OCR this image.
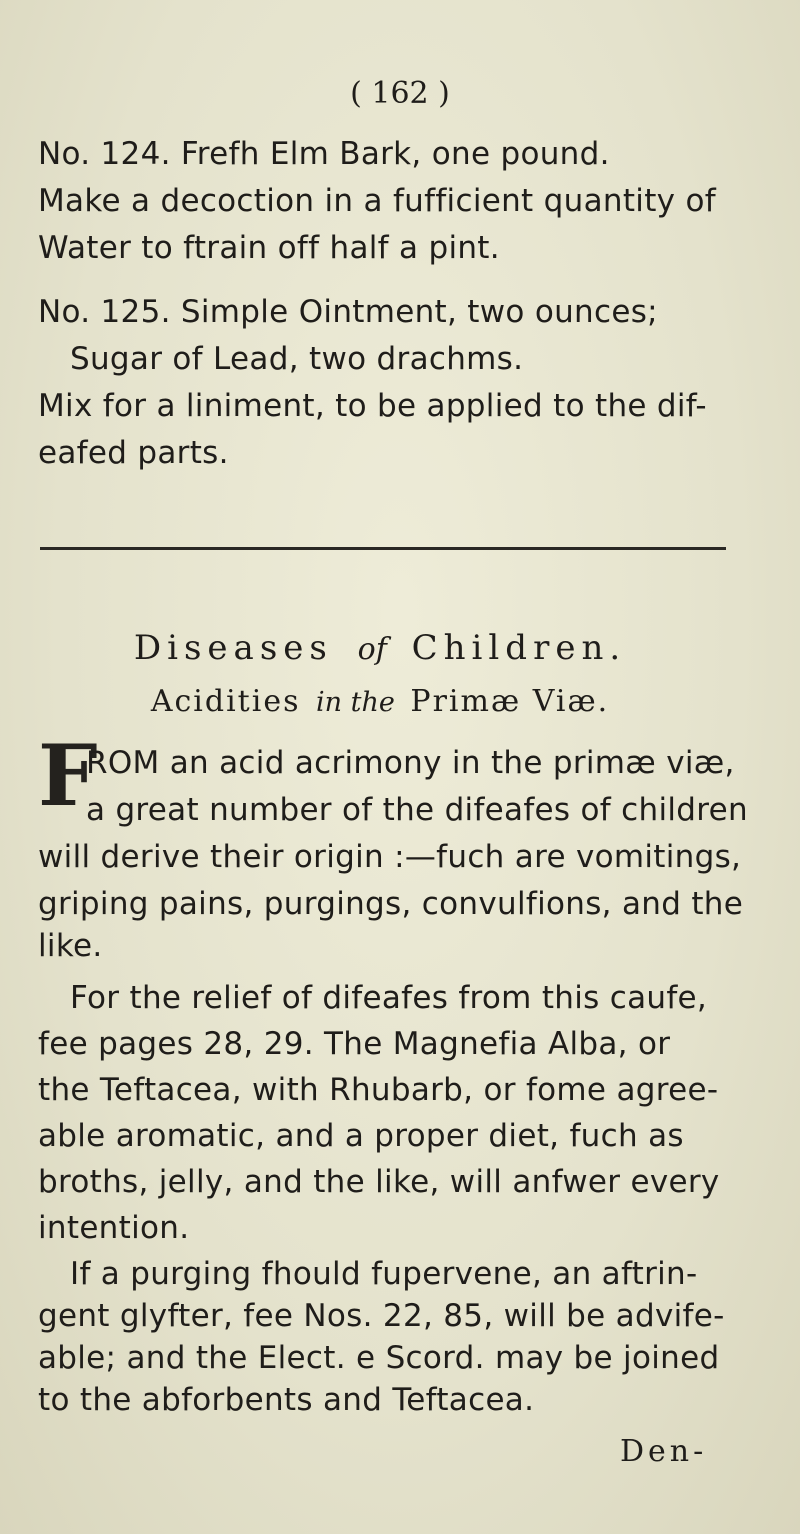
( 162 )
No. 124. Frefh Elm Bark, one pound.
Make a decoction in a fufficient quantity of
Water to ftrain off half a pint.
No. 125. Simple Ointment, two ounces;
Sugar of Lead, two drachms.
Mix for a liniment, to be applied to the dif-
eafed parts.
Diseases of Children.
Acidities in the Primæ Viæ.
F
ROM an acid acrimony in the primæ viæ,
a great number of the difeafes of children
will derive their origin :—fuch are vomitings,
griping pains, purgings, convulfions, and the
like.
For the relief of difeafes from this caufe,
fee pages 28, 29. The Magnefia Alba, or
the Teftacea, with Rhubarb, or fome agree-
able aromatic, and a proper diet, fuch as
broths, jelly, and the like, will anfwer every
intention.
If a purging fhould fupervene, an aftrin-
gent glyfter, fee Nos. 22, 85, will be advife-
able; and the Elect. e Scord. may be joined
to the abforbents and Teftacea.
Den-
